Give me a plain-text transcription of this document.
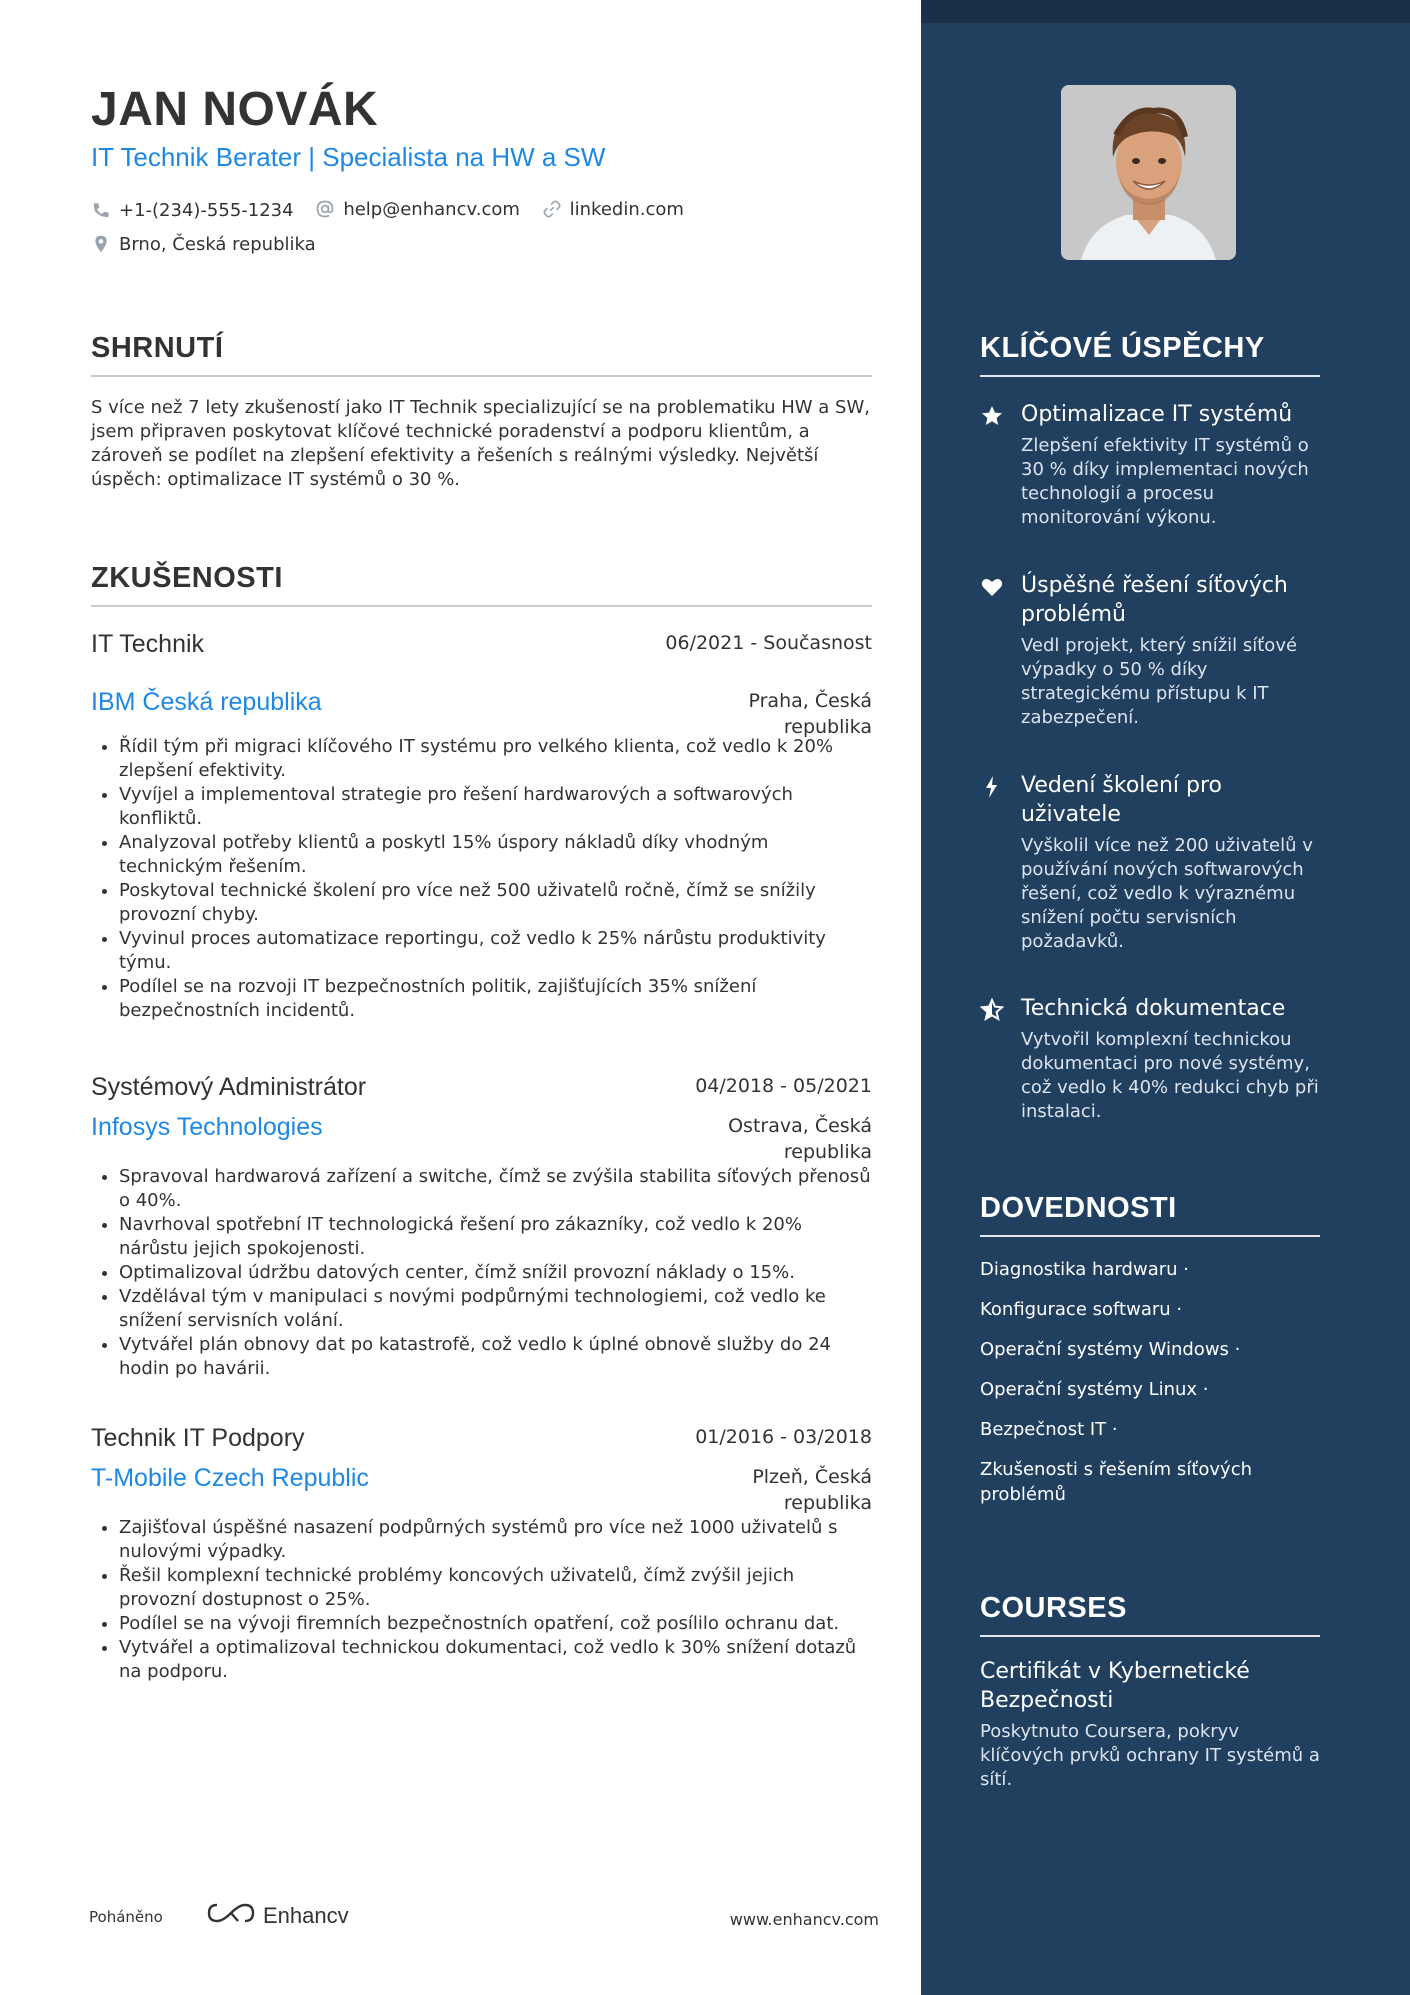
KLÍČOVÉ ÚSPĚCHY
Optimalizace IT systémů
Zlepšení efektivity IT systémů o 30 % díky implementaci nových technologií a procesu monitorování výkonu.
Úspěšné řešení síťových problémů
Vedl projekt, který snížil síťové výpadky o 50 % díky strategickému přístupu k IT zabezpečení.
Vedení školení pro uživatele
Vyškolil více než 200 uživatelů v používání nových softwarových řešení, což vedlo k výraznému snížení počtu servisních požadavků.
Technická dokumentace
Vytvořil komplexní technickou dokumentaci pro nové systémy, což vedlo k 40% redukci chyb při instalaci.
DOVEDNOSTI
Diagnostika hardwaru ·
Konfigurace softwaru ·
Operační systémy Windows ·
Operační systémy Linux ·
Bezpečnost IT ·
Zkušenosti s řešením síťových problémů
COURSES
Certifikát v Kybernetické Bezpečnosti
Poskytnuto Coursera, pokryv klíčových prvků ochrany IT systémů a sítí.
JAN NOVÁK
IT Technik Berater | Specialista na HW a SW
+1-(234)-555-1234
	help@enhancv.com
	linkedin.com
Brno, Česká republika
SHRNUTÍ

S více než 7 lety zkušeností jako IT Technik specializující se na problematiku HW a SW, jsem připraven poskytovat klíčové technické poradenství a podporu klientům, a zároveň se podílet na zlepšení efektivity a řešeních s reálnými výsledky. Největší úspěch: optimalizace IT systémů o 30 %.

ZKUŠENOSTI
IT Technik	06/2021 - Současnost
IBM Česká republika	Praha, Česká republika
• Řídil tým při migraci klíčového IT systému pro velkého klienta, což vedlo k 20% zlepšení efektivity.
• Vyvíjel a implementoval strategie pro řešení hardwarových a softwarových konfliktů.
• Analyzoval potřeby klientů a poskytl 15% úspory nákladů díky vhodným technickým řešením.
• Poskytoval technické školení pro více než 500 uživatelů ročně, čímž se snížily provozní chyby.
• Vyvinul proces automatizace reportingu, což vedlo k 25% nárůstu produktivity týmu.
• Podílel se na rozvoji IT bezpečnostních politik, zajišťujících 35% snížení bezpečnostních incidentů.
Systémový Administrátor	04/2018 - 05/2021
Infosys Technologies	Ostrava, Česká republika
• Spravoval hardwarová zařízení a switche, čímž se zvýšila stabilita síťových přenosů o 40%.
• Navrhoval spotřební IT technologická řešení pro zákazníky, což vedlo k 20% nárůstu jejich spokojenosti.
• Optimalizoval údržbu datových center, čímž snížil provozní náklady o 15%.
• Vzdělával tým v manipulaci s novými podpůrnými technologiemi, což vedlo ke snížení servisních volání.
• Vytvářel plán obnovy dat po katastrofě, což vedlo k úplné obnově služby do 24 hodin po havárii.
Technik IT Podpory	01/2016 - 03/2018
T-Mobile Czech Republic	Plzeň, Česká republika
• Zajišťoval úspěšné nasazení podpůrných systémů pro více než 1000 uživatelů s nulovými výpadky.
• Řešil komplexní technické problémy koncových uživatelů, čímž zvýšil jejich provozní dostupnost o 25%.
• Podílel se na vývoji firemních bezpečnostních opatření, což posílilo ochranu dat.
• Vytvářel a optimalizoval technickou dokumentaci, což vedlo k 30% snížení dotazů na podporu.
Poháněno	Enhancv	www.enhancv.com
